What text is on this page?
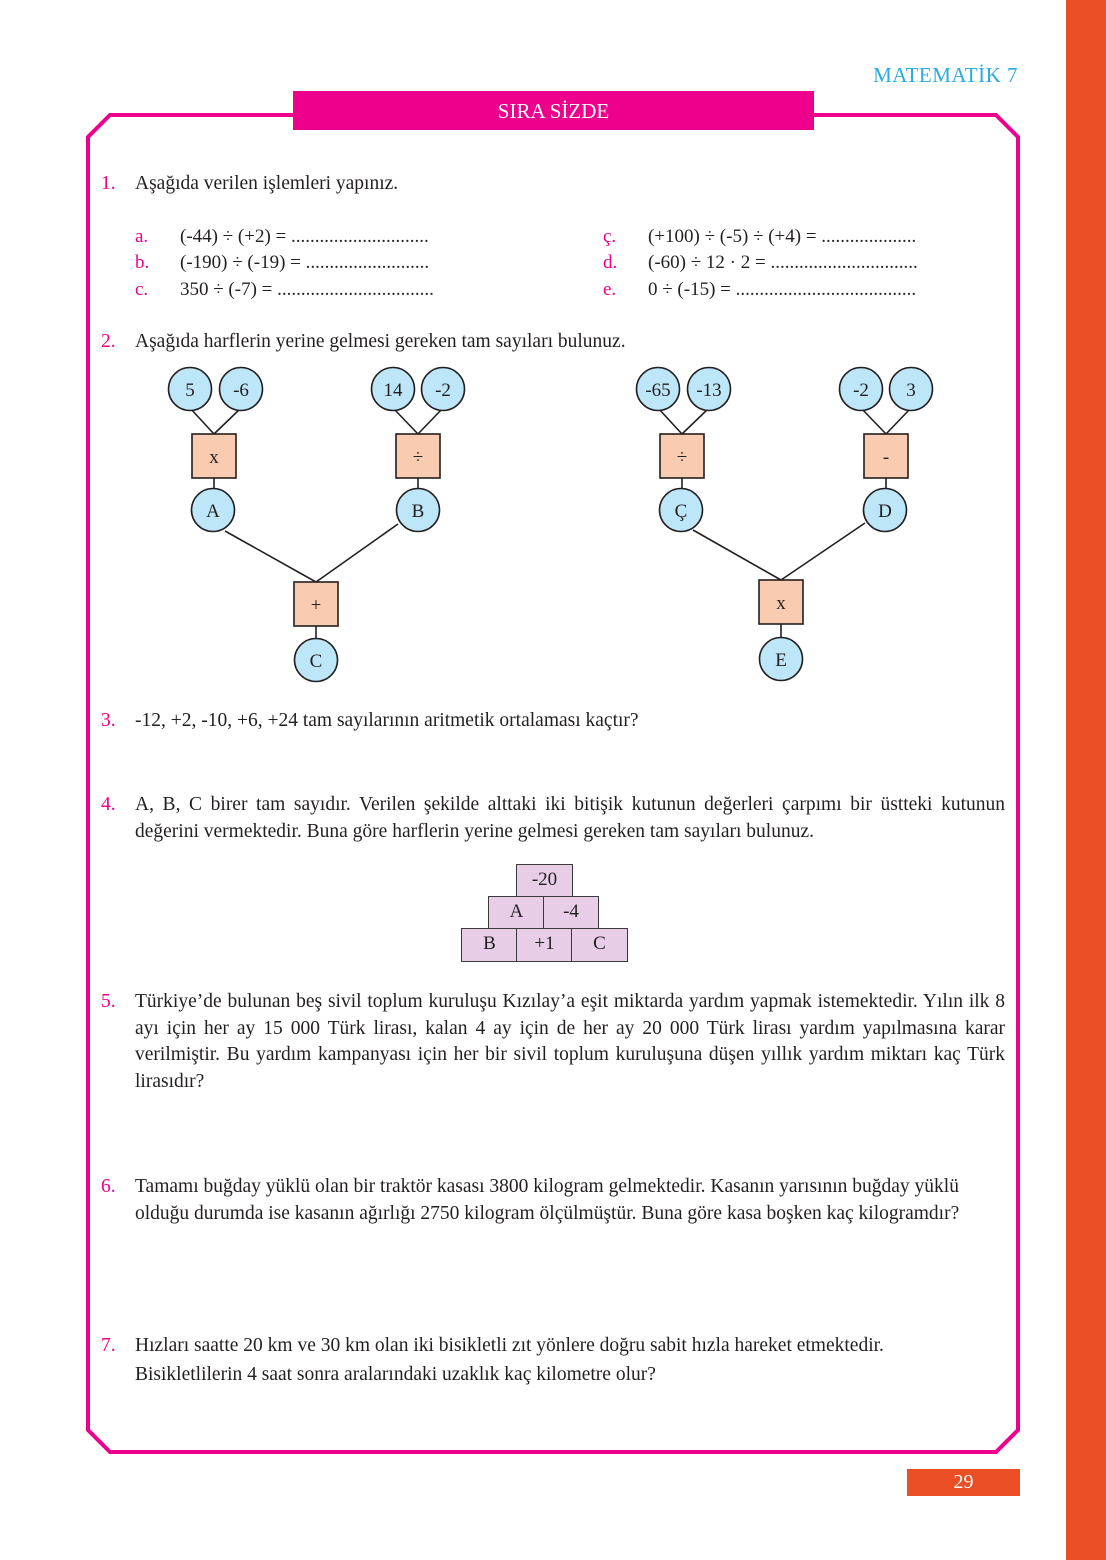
MATEMATİK 7
SIRA SİZDE
1. Aşağıda verilen işlemleri yapınız.
a. (-44) ÷ (+2) = .............................
b. (-190) ÷ (-19) = ..........................
c. 350 ÷ (-7) = .................................
ç. (+100) ÷ (-5) ÷ (+4) = ....................
d. (-60) ÷ 12 · 2 = ...............................
e. 0 ÷ (-15) = ......................................
2. Aşağıda harflerin yerine gelmesi gereken tam sayıları bulunuz.
5 -6
x
A
14 -2
÷
B
+
C
-65 -13
÷
Ç
-2 3
-
D
x
E
3. -12, +2, -10, +6, +24 tam sayılarının aritmetik ortalaması kaçtır?
4. A, B, C birer tam sayıdır. Verilen şekilde alttaki iki bitişik kutunun değerleri çarpımı bir üstteki kutunun değerini vermektedir. Buna göre harflerin yerine gelmesi gereken tam sayıları bulunuz.
-20
A	-4
B	+1	C
5. Türkiye’de bulunan beş sivil toplum kuruluşu Kızılay’a eşit miktarda yardım yapmak istemektedir. Yılın ilk 8 ayı için her ay 15 000 Türk lirası, kalan 4 ay için de her ay 20 000 Türk lirası yardım yapılmasına karar verilmiştir. Bu yardım kampanyası için her bir sivil toplum kuruluşuna düşen yıllık yardım miktarı kaç Türk lirasıdır?
6. Tamamı buğday yüklü olan bir traktör kasası 3800 kilogram gelmektedir. Kasanın yarısının buğday yüklü olduğu durumda ise kasanın ağırlığı 2750 kilogram ölçülmüştür. Buna göre kasa boşken kaç kilogramdır?
7. Hızları saatte 20 km ve 30 km olan iki bisikletli zıt yönlere doğru sabit hızla hareket etmektedir. Bisikletlilerin 4 saat sonra aralarındaki uzaklık kaç kilometre olur?
29
